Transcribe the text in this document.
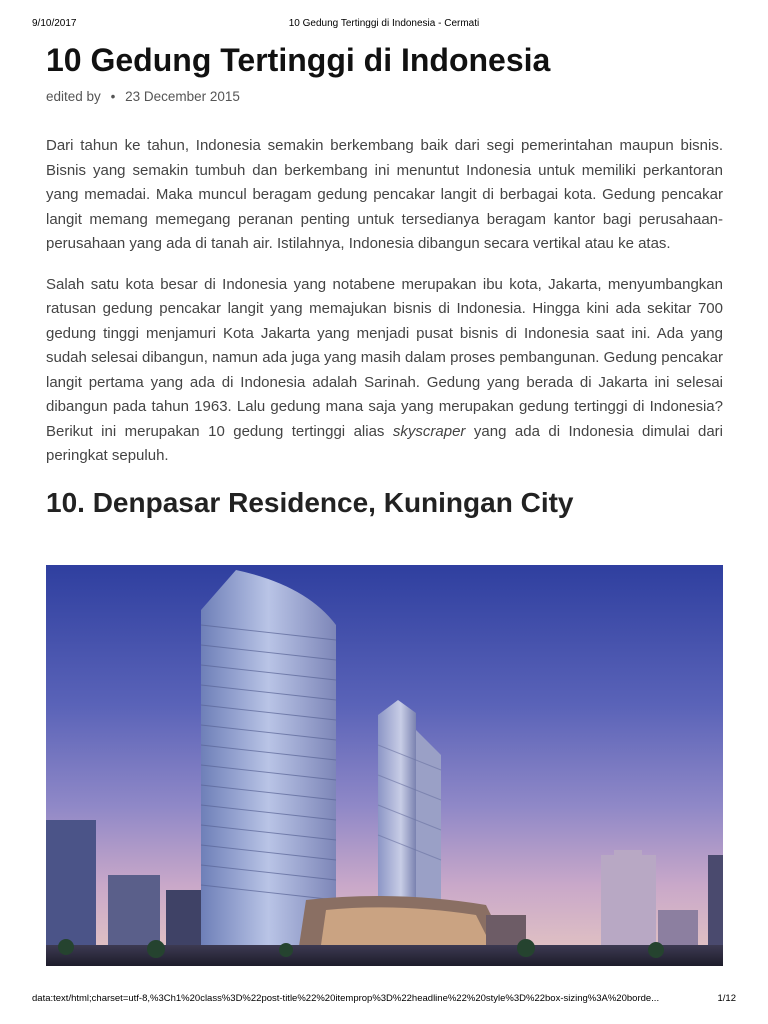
9/10/2017	10 Gedung Tertinggi di Indonesia - Cermati
10 Gedung Tertinggi di Indonesia
edited by • 23 December 2015

Dari tahun ke tahun, Indonesia semakin berkembang baik dari segi pemerintahan maupun bisnis. Bisnis yang semakin tumbuh dan berkembang ini menuntut Indonesia untuk memiliki perkantoran yang memadai. Maka muncul beragam gedung pencakar langit di berbagai kota. Gedung pencakar langit memang memegang peranan penting untuk tersedianya beragam kantor bagi perusahaan-perusahaan yang ada di tanah air. Istilahnya, Indonesia dibangun secara vertikal atau ke atas.

Salah satu kota besar di Indonesia yang notabene merupakan ibu kota, Jakarta, menyumbangkan ratusan gedung pencakar langit yang memajukan bisnis di Indonesia. Hingga kini ada sekitar 700 gedung tinggi menjamuri Kota Jakarta yang menjadi pusat bisnis di Indonesia saat ini. Ada yang sudah selesai dibangun, namun ada juga yang masih dalam proses pembangunan. Gedung pencakar langit pertama yang ada di Indonesia adalah Sarinah. Gedung yang berada di Jakarta ini selesai dibangun pada tahun 1963. Lalu gedung mana saja yang merupakan gedung tertinggi di Indonesia? Berikut ini merupakan 10 gedung tertinggi alias skyscraper yang ada di Indonesia dimulai dari peringkat sepuluh.

10. Denpasar Residence, Kuningan City
data:text/html;charset=utf-8,%3Ch1%20class%3D%22post-title%22%20itemprop%3D%22headline%22%20style%3D%22box-sizing%3A%20borde...	1/12
